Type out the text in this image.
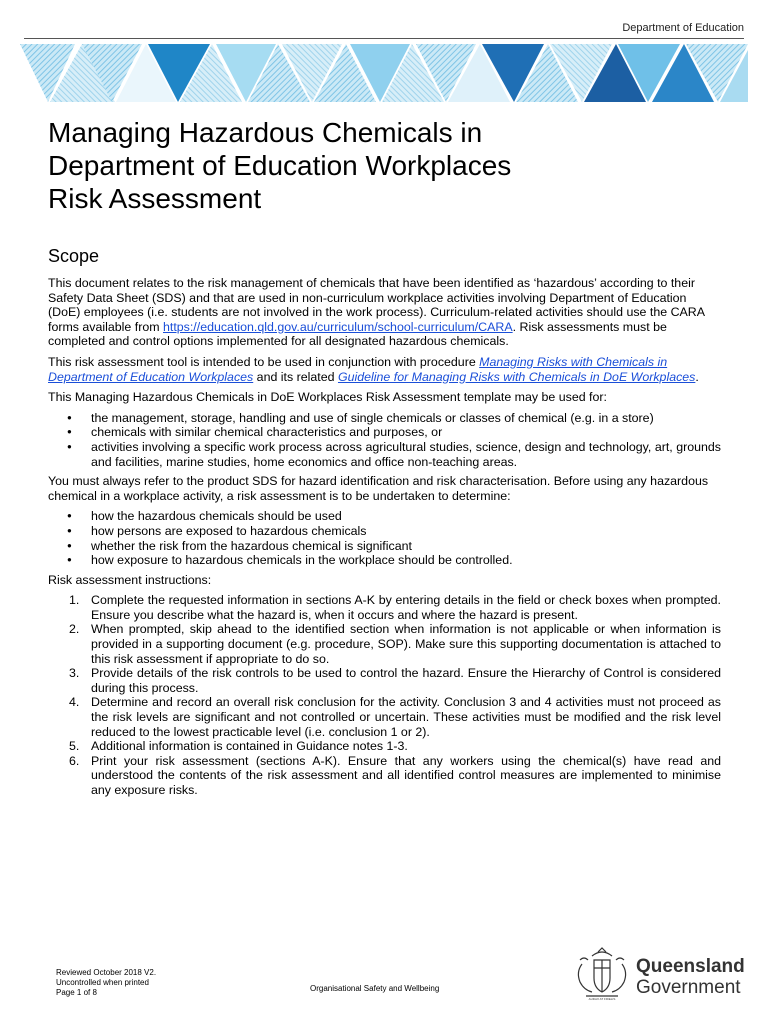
Department of Education
Managing Hazardous Chemicals in
Department of Education Workplaces
Risk Assessment
Scope

This document relates to the risk management of chemicals that have been identified as ‘hazardous’ according to their Safety Data Sheet (SDS) and that are used in non-curriculum workplace activities involving Department of Education (DoE) employees (i.e. students are not involved in the work process). Curriculum-related activities should use the CARA forms available from https://education.qld.gov.au/curriculum/school-curriculum/CARA. Risk assessments must be completed and control options implemented for all designated hazardous chemicals.

This risk assessment tool is intended to be used in conjunction with procedure Managing Risks with Chemicals in Department of Education Workplaces and its related Guideline for Managing Risks with Chemicals in DoE Workplaces.

This Managing Hazardous Chemicals in DoE Workplaces Risk Assessment template may be used for:

● the management, storage, handling and use of single chemicals or classes of chemical (e.g. in a store)
● chemicals with similar chemical characteristics and purposes, or
● activities involving a specific work process across agricultural studies, science, design and technology, art, grounds and facilities, marine studies, home economics and office non-teaching areas.

You must always refer to the product SDS for hazard identification and risk characterisation. Before using any hazardous chemical in a workplace activity, a risk assessment is to be undertaken to determine:

● how the hazardous chemicals should be used
● how persons are exposed to hazardous chemicals
● whether the risk from the hazardous chemical is significant
● how exposure to hazardous chemicals in the workplace should be controlled.

Risk assessment instructions:

1. Complete the requested information in sections A-K by entering details in the field or check boxes when prompted. Ensure you describe what the hazard is, when it occurs and where the hazard is present.
2. When prompted, skip ahead to the identified section when information is not applicable or when information is provided in a supporting document (e.g. procedure, SOP). Make sure this supporting documentation is attached to this risk assessment if appropriate to do so.
3. Provide details of the risk controls to be used to control the hazard. Ensure the Hierarchy of Control is considered during this process.
4. Determine and record an overall risk conclusion for the activity. Conclusion 3 and 4 activities must not proceed as the risk levels are significant and not controlled or uncertain. These activities must be modified and the risk level reduced to the lowest practicable level (i.e. conclusion 1 or 2).
5. Additional information is contained in Guidance notes 1-3.
6. Print your risk assessment (sections A-K). Ensure that any workers using the chemical(s) have read and understood the contents of the risk assessment and all identified control measures are implemented to minimise any exposure risks.
Reviewed October 2018 V2.
Uncontrolled when printed
Page 1 of 8	Organisational Safety and Wellbeing
AUDAX AT FIDELIS
Queensland
Government
